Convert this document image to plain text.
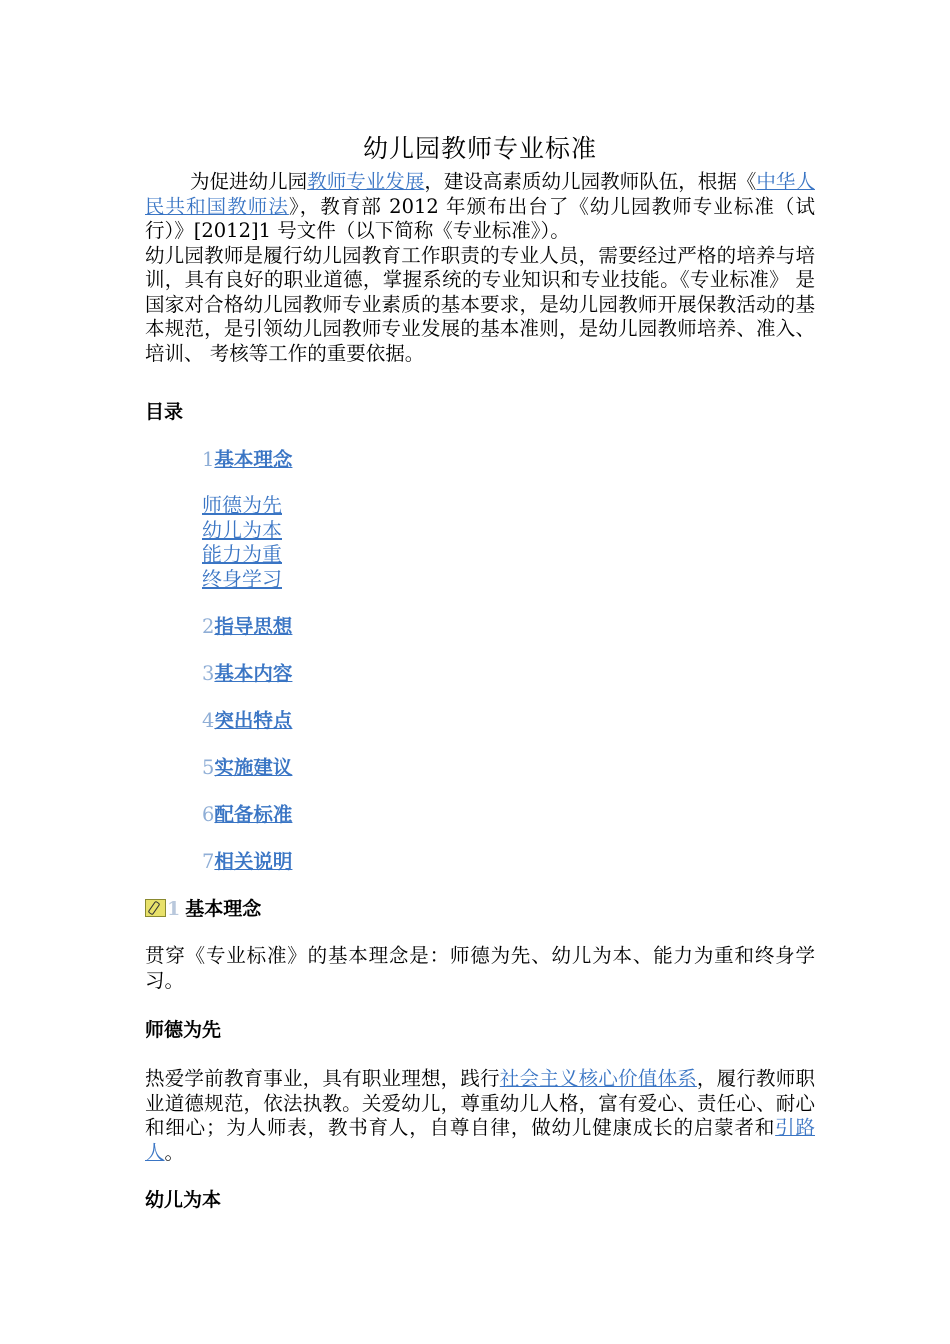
幼儿园教师专业标准

为促进幼儿园教师专业发展，建设高素质幼儿园教师队伍，根据《中华人民共和国教师法》，教育部 2012 年颁布出台了《幼儿园教师专业标准（试行）》[2012]1 号文件（以下简称《专业标准》）。

幼儿园教师是履行幼儿园教育工作职责的专业人员，需要经过严格的培养与培训，具有良好的职业道德，掌握系统的专业知识和专业技能。《专业标准》 是国家对合格幼儿园教师专业素质的基本要求，是幼儿园教师开展保教活动的基本规范，是引领幼儿园教师专业发展的基本准则，是幼儿园教师培养、准入、培训、 考核等工作的重要依据。

目录
1基本理念
师德为先
幼儿为本
能力为重
终身学习
2指导思想
3基本内容
4突出特点
5实施建议
6配备标准
7相关说明
1 基本理念

贯穿《专业标准》的基本理念是：师德为先、幼儿为本、能力为重和终身学习。

师德为先

热爱学前教育事业，具有职业理想，践行社会主义核心价值体系，履行教师职业道德规范，依法执教。关爱幼儿，尊重幼儿人格，富有爱心、责任心、耐心和细心；为人师表，教书育人，自尊自律，做幼儿健康成长的启蒙者和引路人。

幼儿为本
